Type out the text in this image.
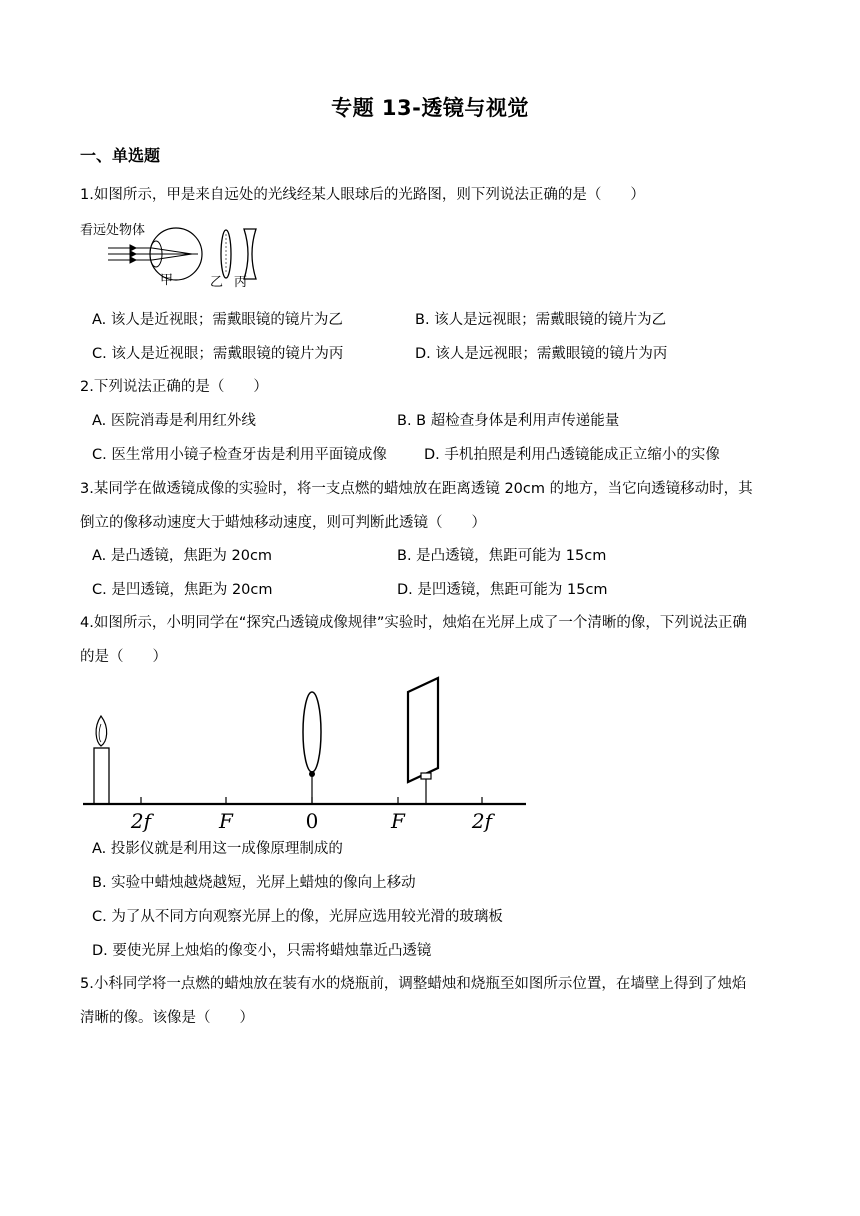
专题 13-透镜与视觉
一、单选题
1.如图所示，甲是来自远处的光线经某人眼球后的光路图，则下列说法正确的是（　　）
看远处物体
甲	乙 丙
A. 该人是近视眼；需戴眼镜的镜片为乙	B. 该人是远视眼；需戴眼镜的镜片为乙
C. 该人是近视眼；需戴眼镜的镜片为丙	D. 该人是远视眼；需戴眼镜的镜片为丙
2.下列说法正确的是（　　）
A. 医院消毒是利用红外线	B. B 超检查身体是利用声传递能量
C. 医生常用小镜子检查牙齿是利用平面镜成像	D. 手机拍照是利用凸透镜能成正立缩小的实像
3.某同学在做透镜成像的实验时，将一支点燃的蜡烛放在距离透镜 20cm 的地方，当它向透镜移动时，其
倒立的像移动速度大于蜡烛移动速度，则可判断此透镜（　　）
A. 是凸透镜，焦距为 20cm	B. 是凸透镜，焦距可能为 15cm
C. 是凹透镜，焦距为 20cm	D. 是凹透镜，焦距可能为 15cm
4.如图所示，小明同学在“探究凸透镜成像规律”实验时，烛焰在光屏上成了一个清晰的像，下列说法正确
的是（　　）
2f	F	0	F	2f
A. 投影仪就是利用这一成像原理制成的
B. 实验中蜡烛越烧越短，光屏上蜡烛的像向上移动
C. 为了从不同方向观察光屏上的像，光屏应选用较光滑的玻璃板
D. 要使光屏上烛焰的像变小，只需将蜡烛靠近凸透镜
5.小科同学将一点燃的蜡烛放在装有水的烧瓶前，调整蜡烛和烧瓶至如图所示位置，在墙壁上得到了烛焰
清晰的像。该像是（　　）
